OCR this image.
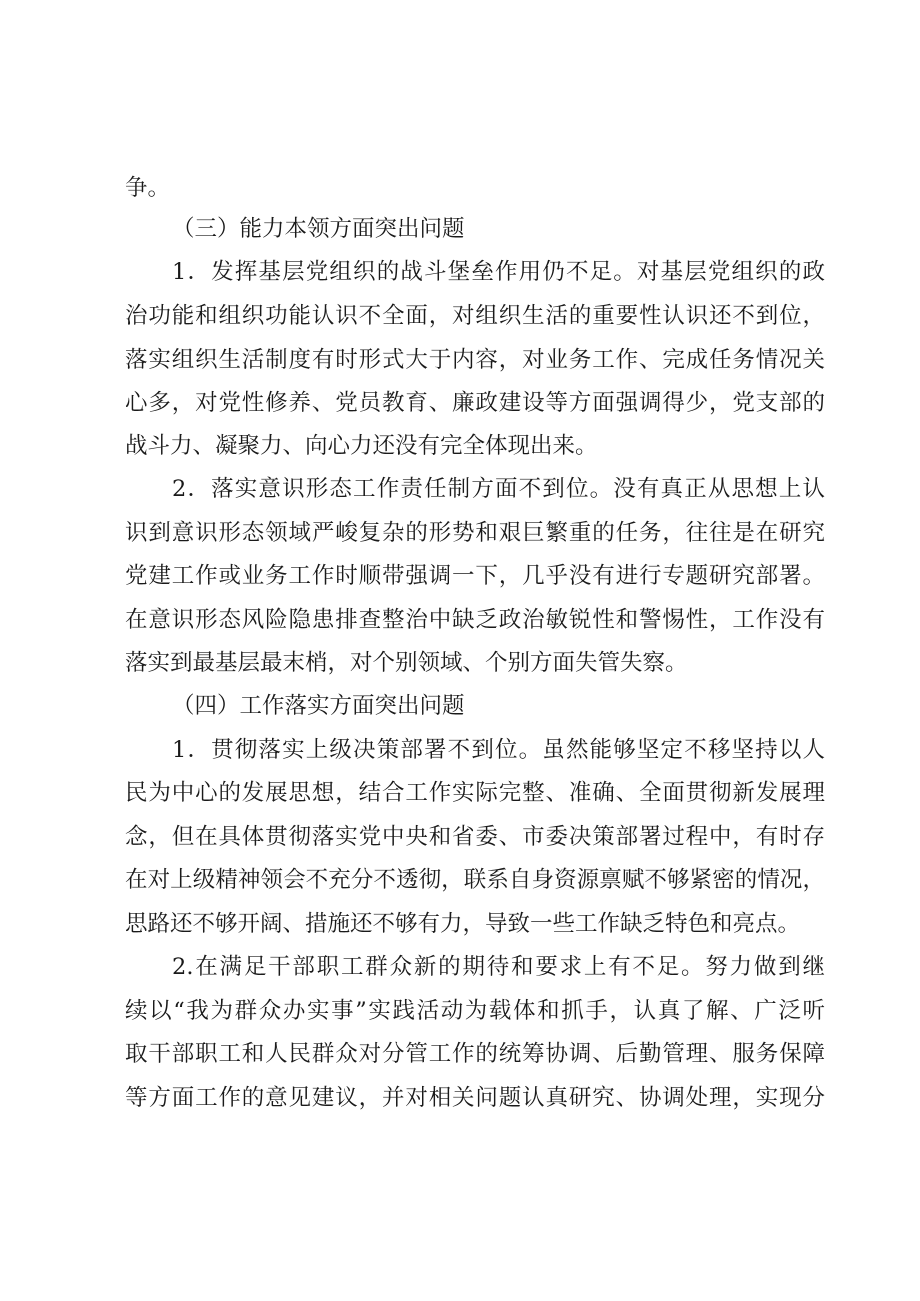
争。
（三）能力本领方面突出问题
1．发挥基层党组织的战斗堡垒作用仍不足。对基层党组织的政
治功能和组织功能认识不全面，对组织生活的重要性认识还不到位，
落实组织生活制度有时形式大于内容，对业务工作、完成任务情况关
心多，对党性修养、党员教育、廉政建设等方面强调得少，党支部的
战斗力、凝聚力、向心力还没有完全体现出来。
2．落实意识形态工作责任制方面不到位。没有真正从思想上认
识到意识形态领域严峻复杂的形势和艰巨繁重的任务，往往是在研究
党建工作或业务工作时顺带强调一下，几乎没有进行专题研究部署。
在意识形态风险隐患排查整治中缺乏政治敏锐性和警惕性，工作没有
落实到最基层最末梢，对个别领域、个别方面失管失察。
（四）工作落实方面突出问题
1．贯彻落实上级决策部署不到位。虽然能够坚定不移坚持以人
民为中心的发展思想，结合工作实际完整、准确、全面贯彻新发展理
念，但在具体贯彻落实党中央和省委、市委决策部署过程中，有时存
在对上级精神领会不充分不透彻，联系自身资源禀赋不够紧密的情况，
思路还不够开阔、措施还不够有力，导致一些工作缺乏特色和亮点。
2.在满足干部职工群众新的期待和要求上有不足。努力做到继
续以“我为群众办实事”实践活动为载体和抓手，认真了解、广泛听
取干部职工和人民群众对分管工作的统筹协调、后勤管理、服务保障
等方面工作的意见建议，并对相关问题认真研究、协调处理，实现分
